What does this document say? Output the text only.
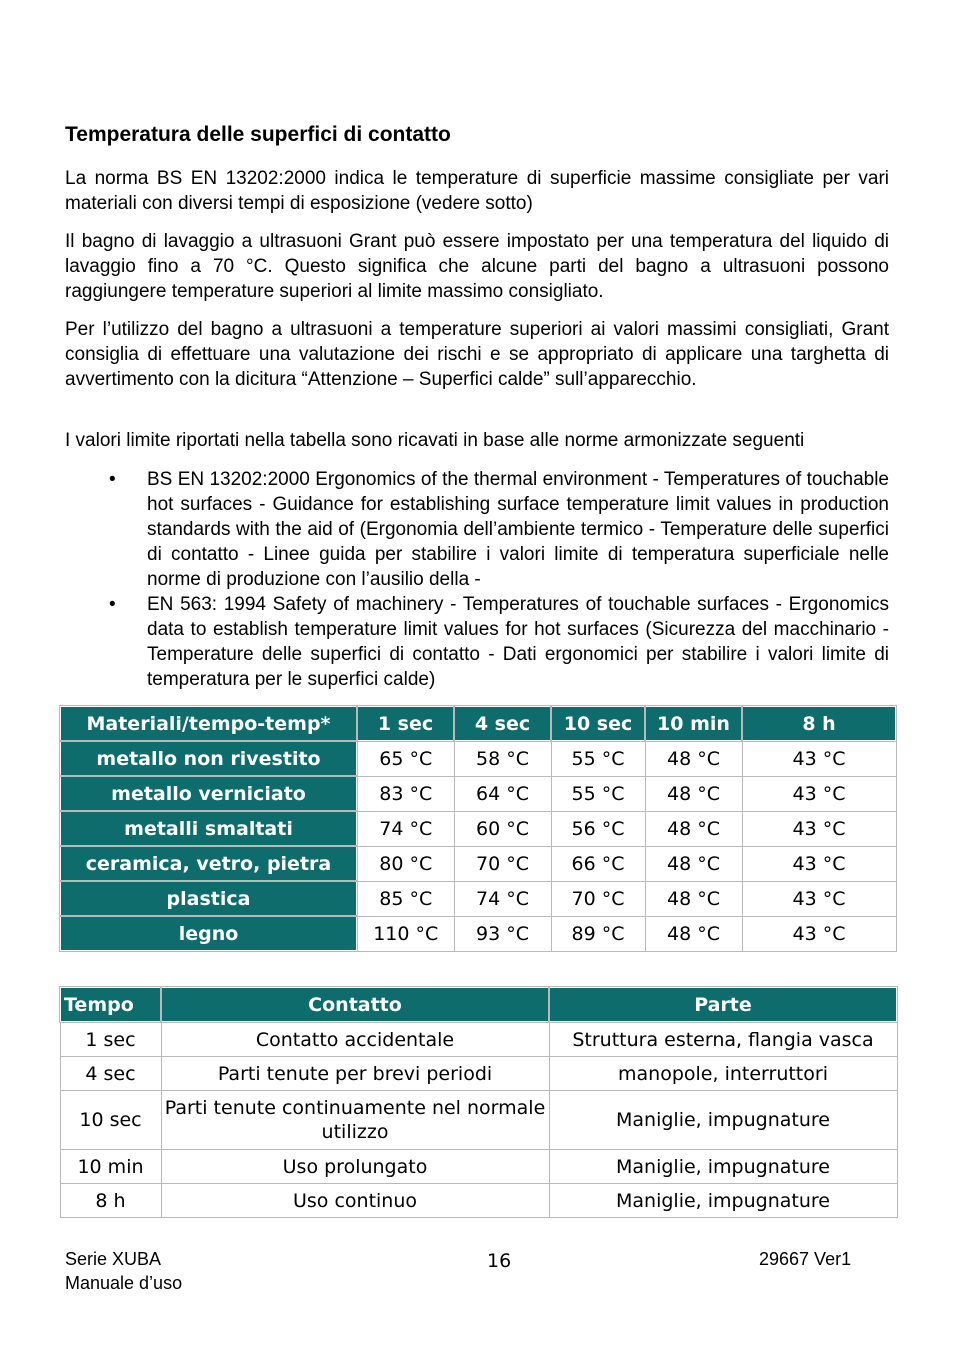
Temperatura delle superfici di contatto

La norma BS EN 13202:2000 indica le temperature di superficie massime consigliate per vari materiali con diversi tempi di esposizione (vedere sotto)

Il bagno di lavaggio a ultrasuoni Grant può essere impostato per una temperatura del liquido di lavaggio fino a 70 °C. Questo significa che alcune parti del bagno a ultrasuoni possono raggiungere temperature superiori al limite massimo consigliato.

Per l’utilizzo del bagno a ultrasuoni a temperature superiori ai valori massimi consigliati, Grant consiglia di effettuare una valutazione dei rischi e se appropriato di applicare una targhetta di avvertimento con la dicitura “Attenzione – Superfici calde” sull’apparecchio.

I valori limite riportati nella tabella sono ricavati in base alle norme armonizzate seguenti

• BS EN 13202:2000 Ergonomics of the thermal environment - Temperatures of touchable hot surfaces - Guidance for establishing surface temperature limit values in production standards with the aid of (Ergonomia dell’ambiente termico - Temperature delle superfici di contatto - Linee guida per stabilire i valori limite di temperatura superficiale nelle norme di produzione con l’ausilio della -

• EN 563: 1994 Safety of machinery - Temperatures of touchable surfaces - Ergonomics data to establish temperature limit values for hot surfaces (Sicurezza del macchinario - Temperature delle superfici di contatto - Dati ergonomici per stabilire i valori limite di temperatura per le superfici calde)

Materiali/tempo-temp*	1 sec	4 sec	10 sec	10 min	8 h
metallo non rivestito	65 °C	58 °C	55 °C	48 °C	43 °C
metallo verniciato	83 °C	64 °C	55 °C	48 °C	43 °C
metalli smaltati	74 °C	60 °C	56 °C	48 °C	43 °C
ceramica, vetro, pietra	80 °C	70 °C	66 °C	48 °C	43 °C
plastica	85 °C	74 °C	70 °C	48 °C	43 °C
legno	110 °C	93 °C	89 °C	48 °C	43 °C
Tempo	Contatto	Parte
1 sec	Contatto accidentale	Struttura esterna, flangia vasca
4 sec	Parti tenute per brevi periodi	manopole, interruttori
10 sec	Parti tenute continuamente nel normale utilizzo	Maniglie, impugnature
10 min	Uso prolungato	Maniglie, impugnature
8 h	Uso continuo	Maniglie, impugnature
Serie XUBA
Manuale d’uso
16	29667 Ver1
